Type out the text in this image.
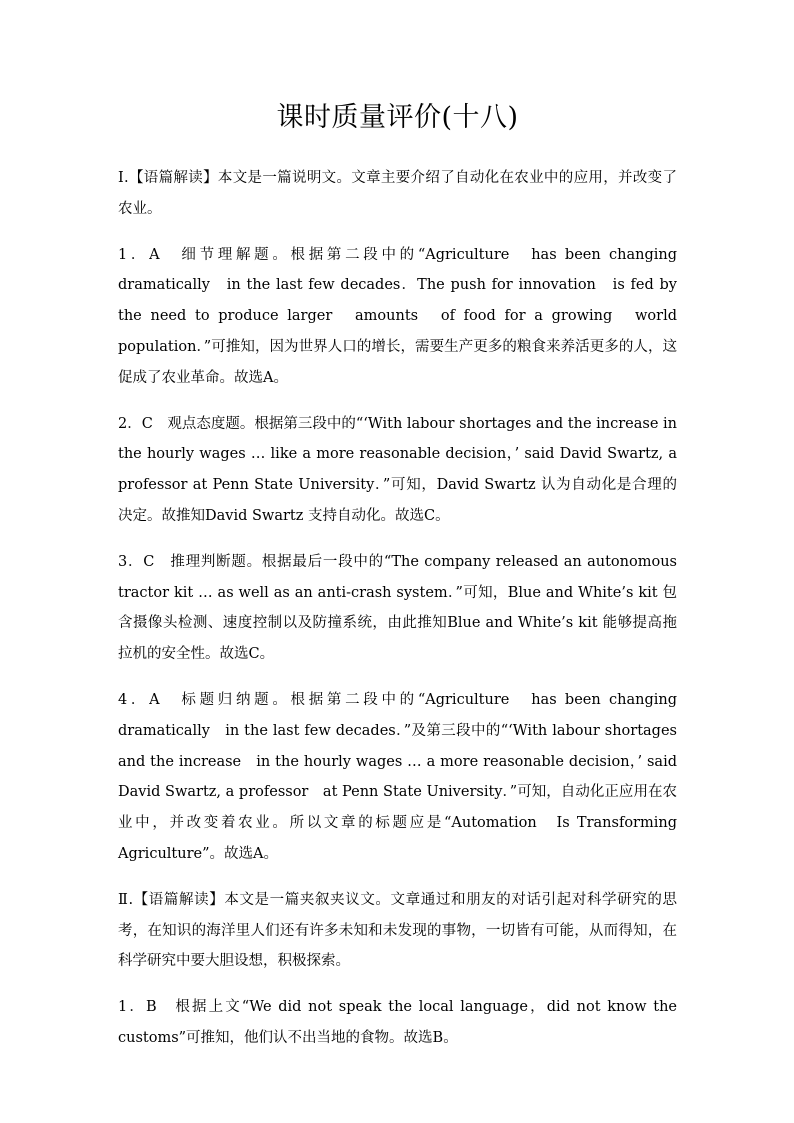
课时质量评价(十八)

Ⅰ.【语篇解读】本文是一篇说明文。文章主要介绍了自动化在农业中的应用，并改变了农业。

1．A　细节理解题。根据第二段中的“Agriculture　has been changing　dramatically　in the last few decades．The push for innovation　is fed by the need to produce larger　amounts　of food for a growing　world population．”可推知，因为世界人口的增长，需要生产更多的粮食来养活更多的人，这促成了农业革命。故选A。

2．C　观点态度题。根据第三段中的“‘With labour shortages and the increase in　the hourly wages … like a more reasonable decision，’ said David Swartz, a　professor at Penn State University．”可知，David Swartz 认为自动化是合理的决定。故推知David Swartz 支持自动化。故选C。

3．C　推理判断题。根据最后一段中的“The company released an autonomous　tractor kit … as well as an anti-crash system．”可知，Blue and White’s kit 包含摄像头检测、速度控制以及防撞系统，由此推知Blue and White’s kit 能够提高拖拉机的安全性。故选C。

4．A　标题归纳题。根据第二段中的“Agriculture　has been changing　dramatically　in the last few decades．”及第三段中的“‘With labour shortages and the increase　in the hourly wages … a more reasonable decision，’ said David Swartz, a professor　at Penn State University．”可知，自动化正应用在农业中，并改变着农业。所以文章的标题应是“Automation　Is Transforming　Agriculture”。故选A。

Ⅱ.【语篇解读】本文是一篇夹叙夹议文。文章通过和朋友的对话引起对科学研究的思考，在知识的海洋里人们还有许多未知和未发现的事物，一切皆有可能，从而得知，在科学研究中要大胆设想，积极探索。

1．B　根据上文“We did not speak the local language，did not know the customs”可推知，他们认不出当地的食物。故选B。
